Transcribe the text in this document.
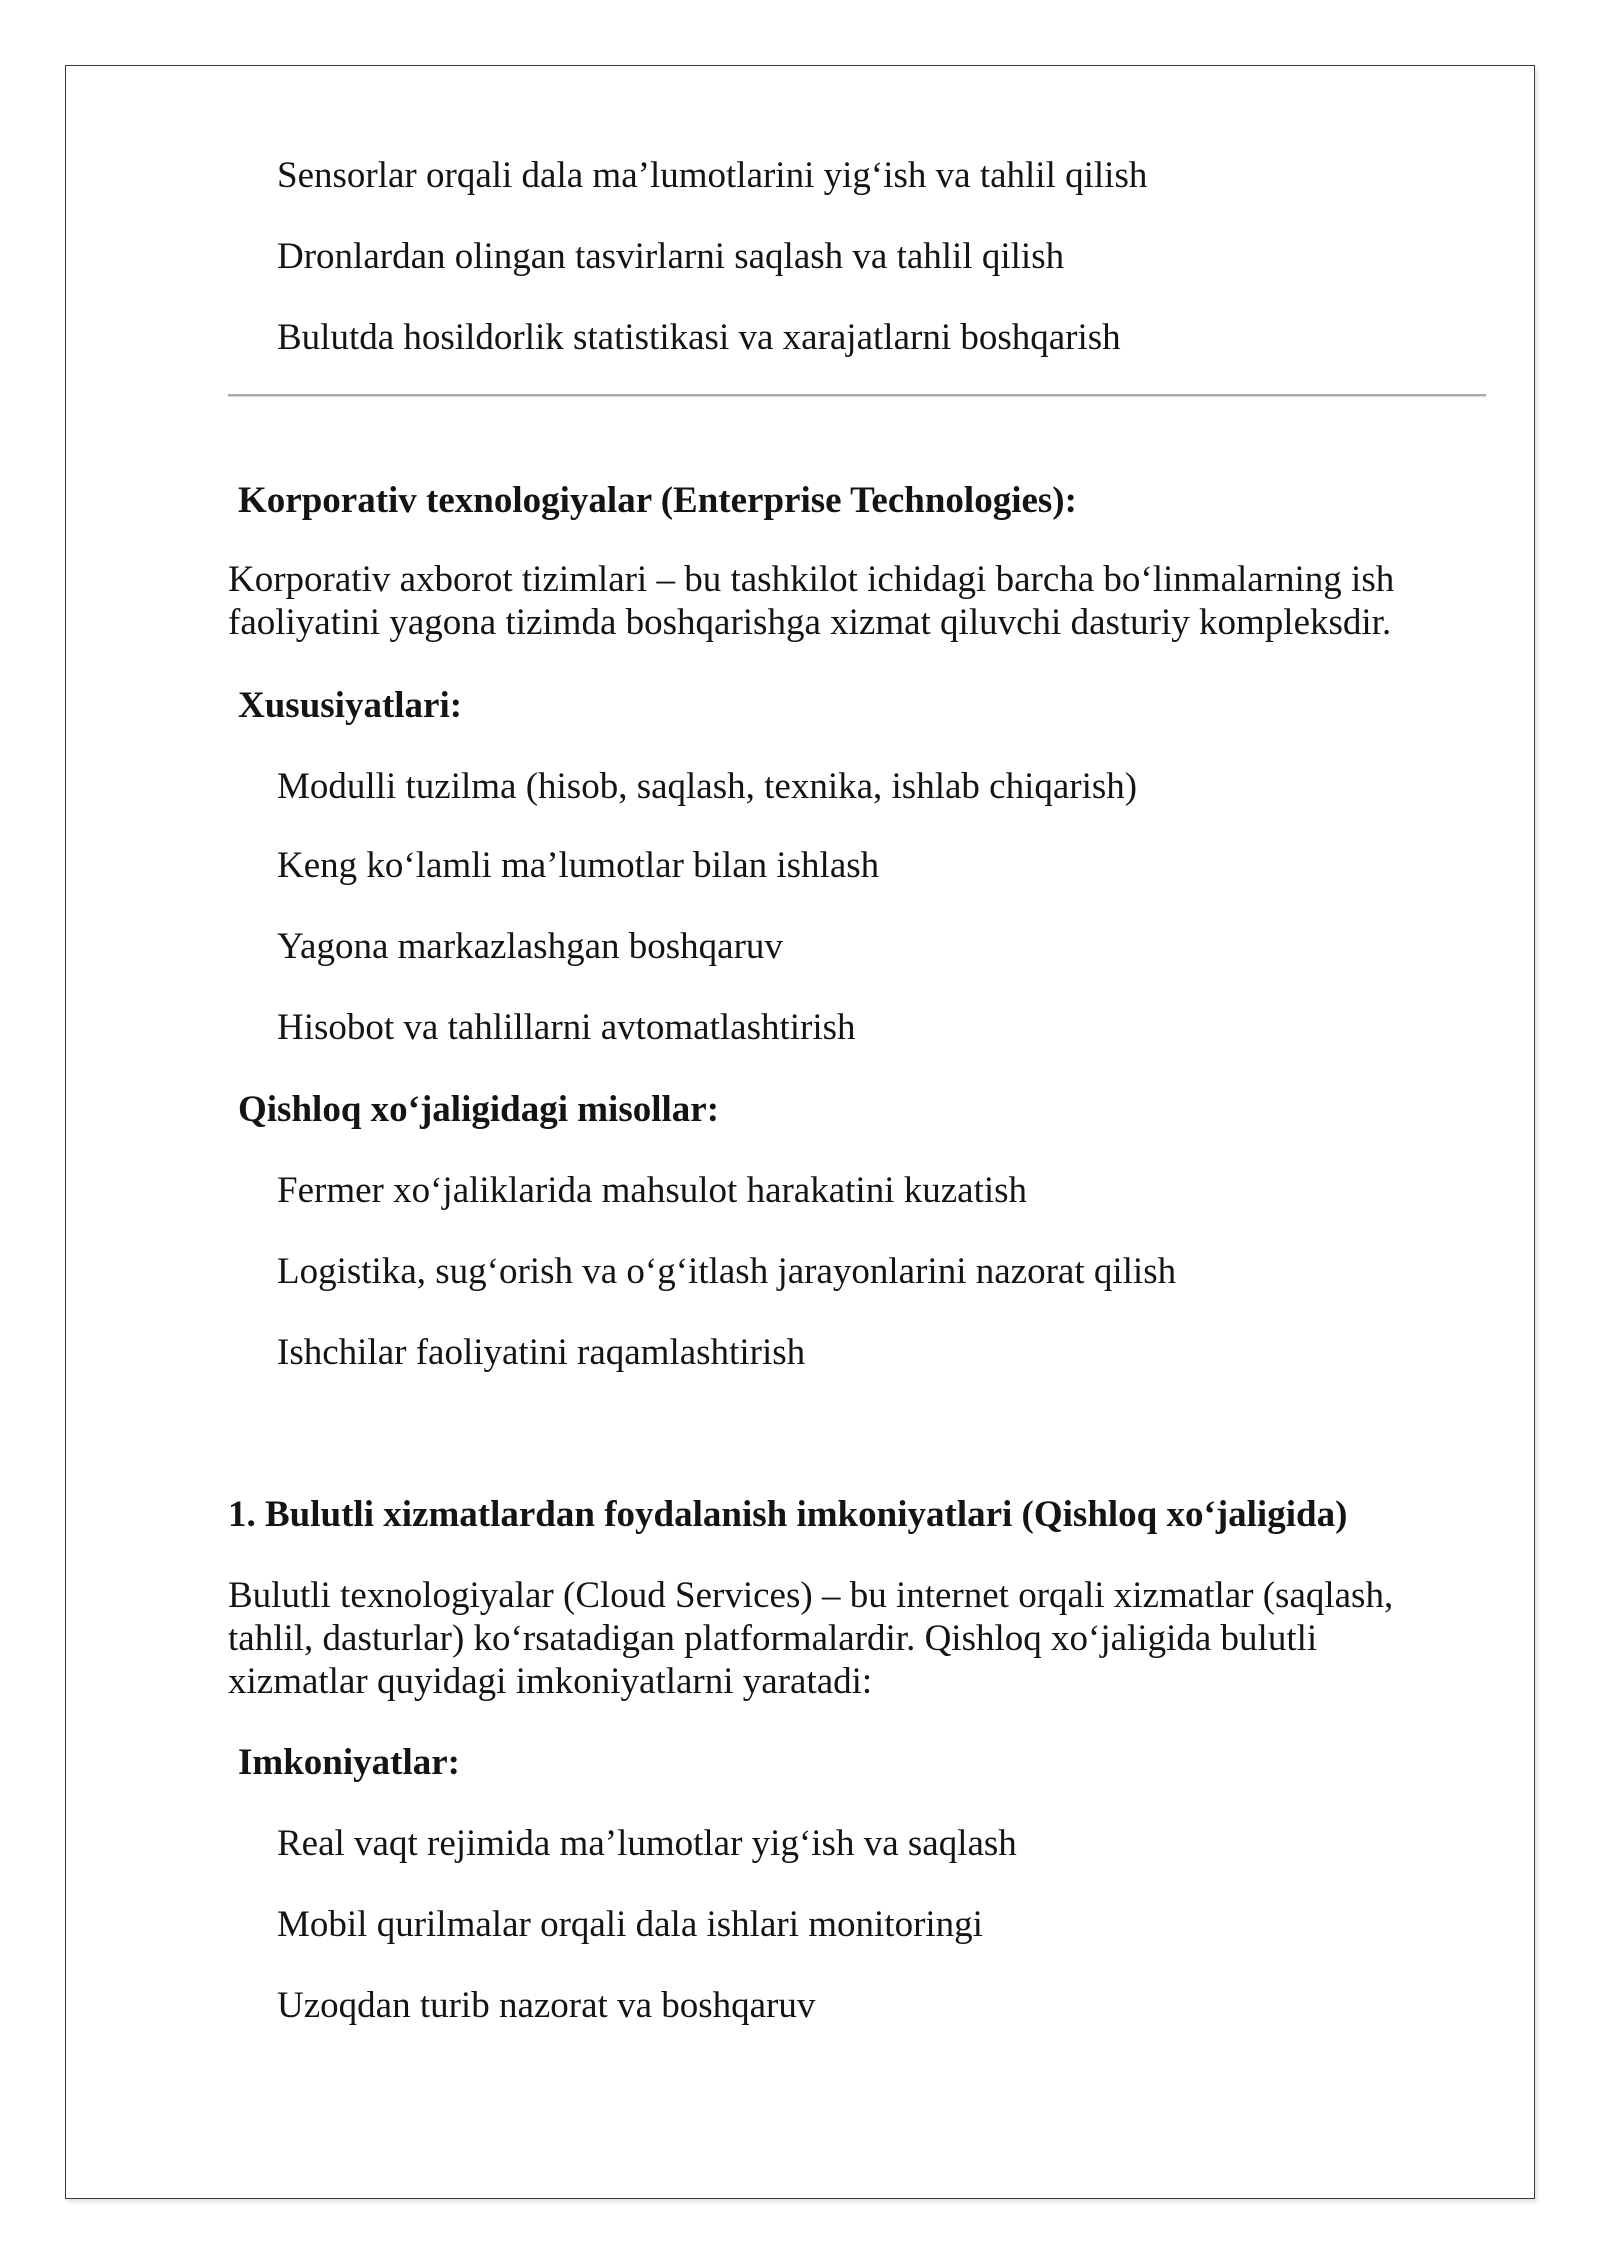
Sensorlar orqali dala ma’lumotlarini yig‘ish va tahlil qilish
Dronlardan olingan tasvirlarni saqlash va tahlil qilish
Bulutda hosildorlik statistikasi va xarajatlarni boshqarish
Korporativ texnologiyalar (Enterprise Technologies):
Korporativ axborot tizimlari – bu tashkilot ichidagi barcha bo‘linmalarning ish faoliyatini yagona tizimda boshqarishga xizmat qiluvchi dasturiy kompleksdir.
Xususiyatlari:
Modulli tuzilma (hisob, saqlash, texnika, ishlab chiqarish)
Keng ko‘lamli ma’lumotlar bilan ishlash
Yagona markazlashgan boshqaruv
Hisobot va tahlillarni avtomatlashtirish
Qishloq xo‘jaligidagi misollar:
Fermer xo‘jaliklarida mahsulot harakatini kuzatish
Logistika, sug‘orish va o‘g‘itlash jarayonlarini nazorat qilish
Ishchilar faoliyatini raqamlashtirish
1. Bulutli xizmatlardan foydalanish imkoniyatlari (Qishloq xo‘jaligida)
Bulutli texnologiyalar (Cloud Services) – bu internet orqali xizmatlar (saqlash, tahlil, dasturlar) ko‘rsatadigan platformalardir. Qishloq xo‘jaligida bulutli xizmatlar quyidagi imkoniyatlarni yaratadi:
Imkoniyatlar:
Real vaqt rejimida ma’lumotlar yig‘ish va saqlash
Mobil qurilmalar orqali dala ishlari monitoringi
Uzoqdan turib nazorat va boshqaruv
